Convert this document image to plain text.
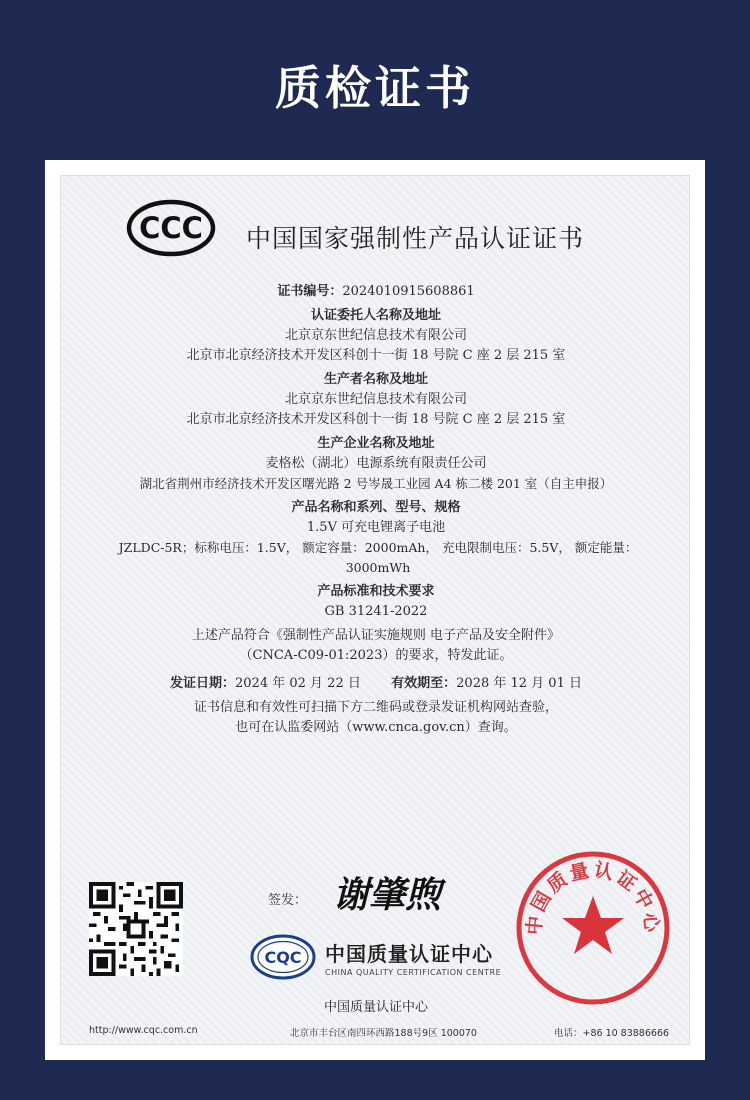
质检证书
CCC 中国国家强制性产品认证证书
证书编号：2024010915608861
认证委托人名称及地址
北京京东世纪信息技术有限公司
北京市北京经济技术开发区科创十一街 18 号院 C 座 2 层 215 室
生产者名称及地址
北京京东世纪信息技术有限公司
北京市北京经济技术开发区科创十一街 18 号院 C 座 2 层 215 室
生产企业名称及地址
麦格松（湖北）电源系统有限责任公司
湖北省荆州市经济技术开发区曙光路 2 号岑晟工业园 A4 栋二楼 201 室（自主申报）
产品名称和系列、型号、规格
1.5V 可充电锂离子电池
JZLDC-5R；标称电压：1.5V， 额定容量：2000mAh， 充电限制电压：5.5V， 额定能量：3000mWh
产品标准和技术要求
GB 31241-2022
上述产品符合《强制性产品认证实施规则 电子产品及安全附件》
（CNCA-C09-01:2023）的要求，特发此证。
发证日期：2024 年 02 月 22 日 有效期至：2028 年 12 月 01 日
证书信息和有效性可扫描下方二维码或登录发证机构网站查验，
也可在认监委网站（www.cnca.gov.cn）查询。
签发： 谢肇煦
CQC 中国质量认证中心
CHINA QUALITY CERTIFICATION CENTRE
中国质量认证中心
中国质量认证中心
http://www.cqc.com.cn	北京市丰台区南四环西路188号9区 100070	电话：+86 10 83886666
